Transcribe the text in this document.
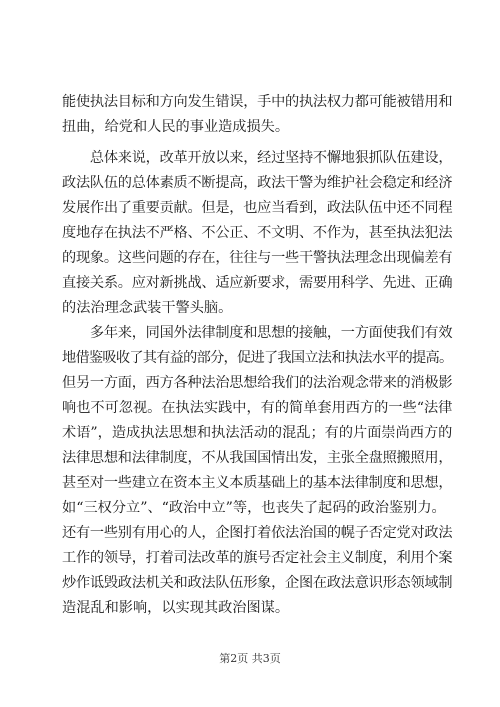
能使执法目标和方向发生错误，手中的执法权力都可能被错用和
扭曲，给党和人民的事业造成损失。
　　总体来说，改革开放以来，经过坚持不懈地狠抓队伍建设，
政法队伍的总体素质不断提高，政法干警为维护社会稳定和经济
发展作出了重要贡献。但是，也应当看到，政法队伍中还不同程
度地存在执法不严格、不公正、不文明、不作为，甚至执法犯法
的现象。这些问题的存在，往往与一些干警执法理念出现偏差有
直接关系。应对新挑战、适应新要求，需要用科学、先进、正确
的法治理念武装干警头脑。
　　多年来，同国外法律制度和思想的接触，一方面使我们有效
地借鉴吸收了其有益的部分，促进了我国立法和执法水平的提高。
但另一方面，西方各种法治思想给我们的法治观念带来的消极影
响也不可忽视。在执法实践中，有的简单套用西方的一些“法律
术语”，造成执法思想和执法活动的混乱；有的片面崇尚西方的
法律思想和法律制度，不从我国国情出发，主张全盘照搬照用，
甚至对一些建立在资本主义本质基础上的基本法律制度和思想，
如“三权分立”、“政治中立”等，也丧失了起码的政治鉴别力。
还有一些别有用心的人，企图打着依法治国的幌子否定党对政法
工作的领导，打着司法改革的旗号否定社会主义制度，利用个案
炒作诋毁政法机关和政法队伍形象，企图在政法意识形态领域制
造混乱和影响，以实现其政治图谋。
第2页 共3页
